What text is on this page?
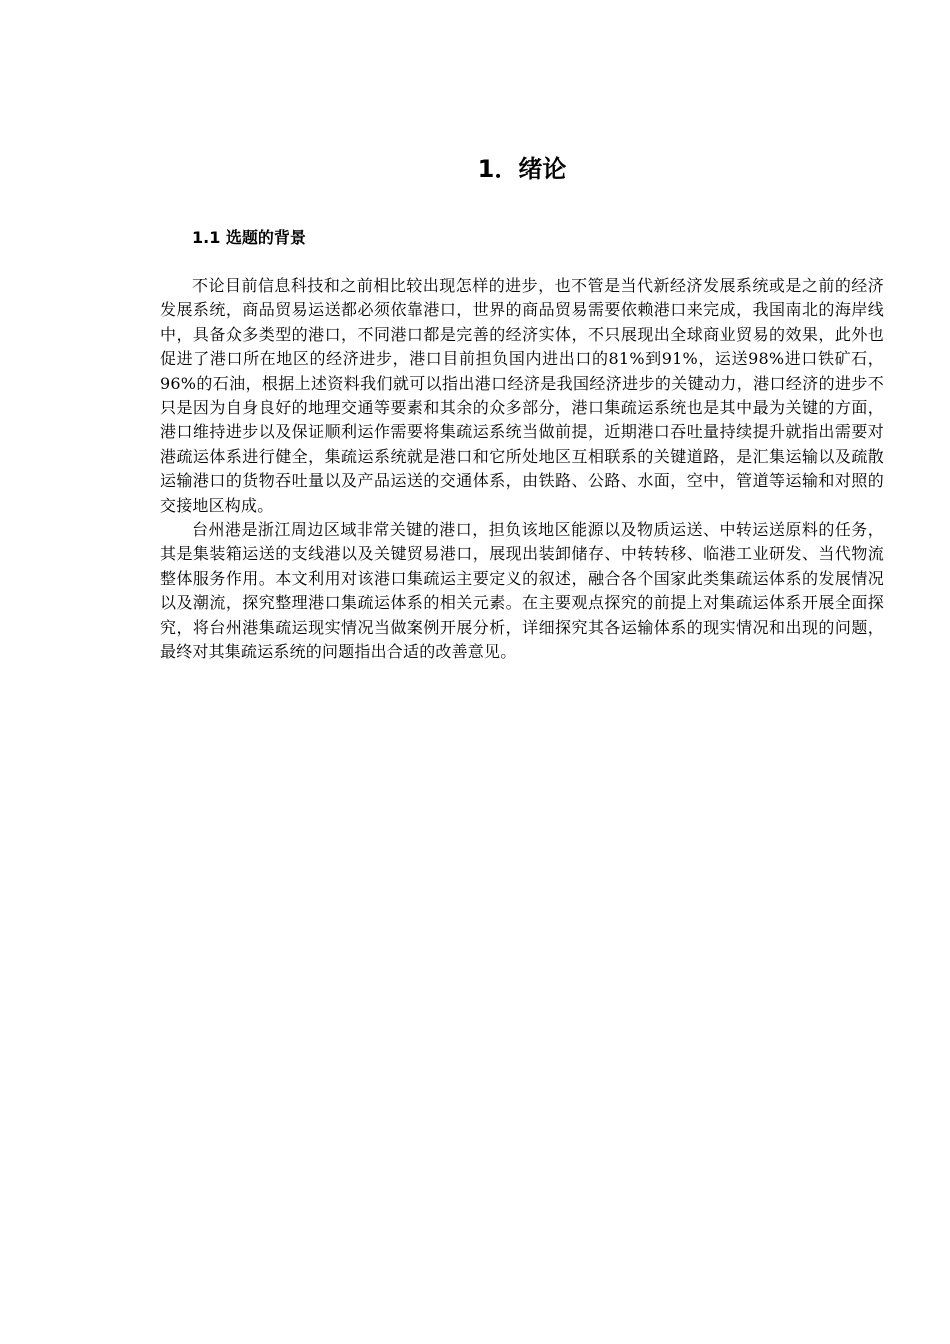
1．绪论
1.1 选题的背景

不论目前信息科技和之前相比较出现怎样的进步，也不管是当代新经济发展系统或是之前的经济发展系统，商品贸易运送都必须依靠港口，世界的商品贸易需要依赖港口来完成，我国南北的海岸线中，具备众多类型的港口，不同港口都是完善的经济实体，不只展现出全球商业贸易的效果，此外也促进了港口所在地区的经济进步，港口目前担负国内进出口的81%到91%，运送98%进口铁矿石，96%的石油，根据上述资料我们就可以指出港口经济是我国经济进步的关键动力，港口经济的进步不只是因为自身良好的地理交通等要素和其余的众多部分，港口集疏运系统也是其中最为关键的方面，港口维持进步以及保证顺利运作需要将集疏运系统当做前提，近期港口吞吐量持续提升就指出需要对港疏运体系进行健全，集疏运系统就是港口和它所处地区互相联系的关键道路，是汇集运输以及疏散运输港口的货物吞吐量以及产品运送的交通体系，由铁路、公路、水面，空中，管道等运输和对照的交接地区构成。

台州港是浙江周边区域非常关键的港口，担负该地区能源以及物质运送、中转运送原料的任务，其是集装箱运送的支线港以及关键贸易港口，展现出装卸储存、中转转移、临港工业研发、当代物流整体服务作用。本文利用对该港口集疏运主要定义的叙述，融合各个国家此类集疏运体系的发展情况以及潮流，探究整理港口集疏运体系的相关元素。在主要观点探究的前提上对集疏运体系开展全面探究，将台州港集疏运现实情况当做案例开展分析，详细探究其各运输体系的现实情况和出现的问题，最终对其集疏运系统的问题指出合适的改善意见。
